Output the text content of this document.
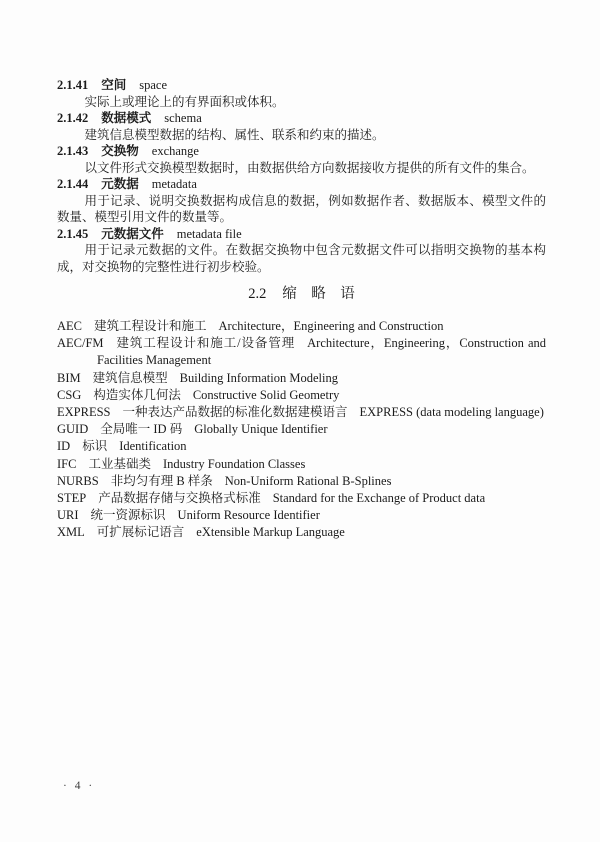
2.1.41 空间 space

实际上或理论上的有界面积或体积。

2.1.42 数据模式 schema

建筑信息模型数据的结构、属性、联系和约束的描述。

2.1.43 交换物 exchange

以文件形式交换模型数据时，由数据供给方向数据接收方提供的所有文件的集合。

2.1.44 元数据 metadata

用于记录、说明交换数据构成信息的数据，例如数据作者、数据版本、模型文件的数量、模型引用文件的数量等。

2.1.45 元数据文件 metadata file

用于记录元数据的文件。在数据交换物中包含元数据文件可以指明交换物的基本构成，对交换物的完整性进行初步校验。

2.2 缩略语

AEC 建筑工程设计和施工 Architecture，Engineering and Construction

AEC/FM 建筑工程设计和施工/设备管理 Architecture，Engineering，Construction and Facilities Management

BIM 建筑信息模型 Building Information Modeling

CSG 构造实体几何法 Constructive Solid Geometry

EXPRESS 一种表达产品数据的标准化数据建模语言 EXPRESS (data modeling language)

GUID 全局唯一 ID 码 Globally Unique Identifier

ID 标识 Identification

IFC 工业基础类 Industry Foundation Classes

NURBS 非均匀有理 B 样条 Non-Uniform Rational B-Splines

STEP 产品数据存储与交换格式标准 Standard for the Exchange of Product data

URI 统一资源标识 Uniform Resource Identifier

XML 可扩展标记语言 eXtensible Markup Language

· 4 ·
